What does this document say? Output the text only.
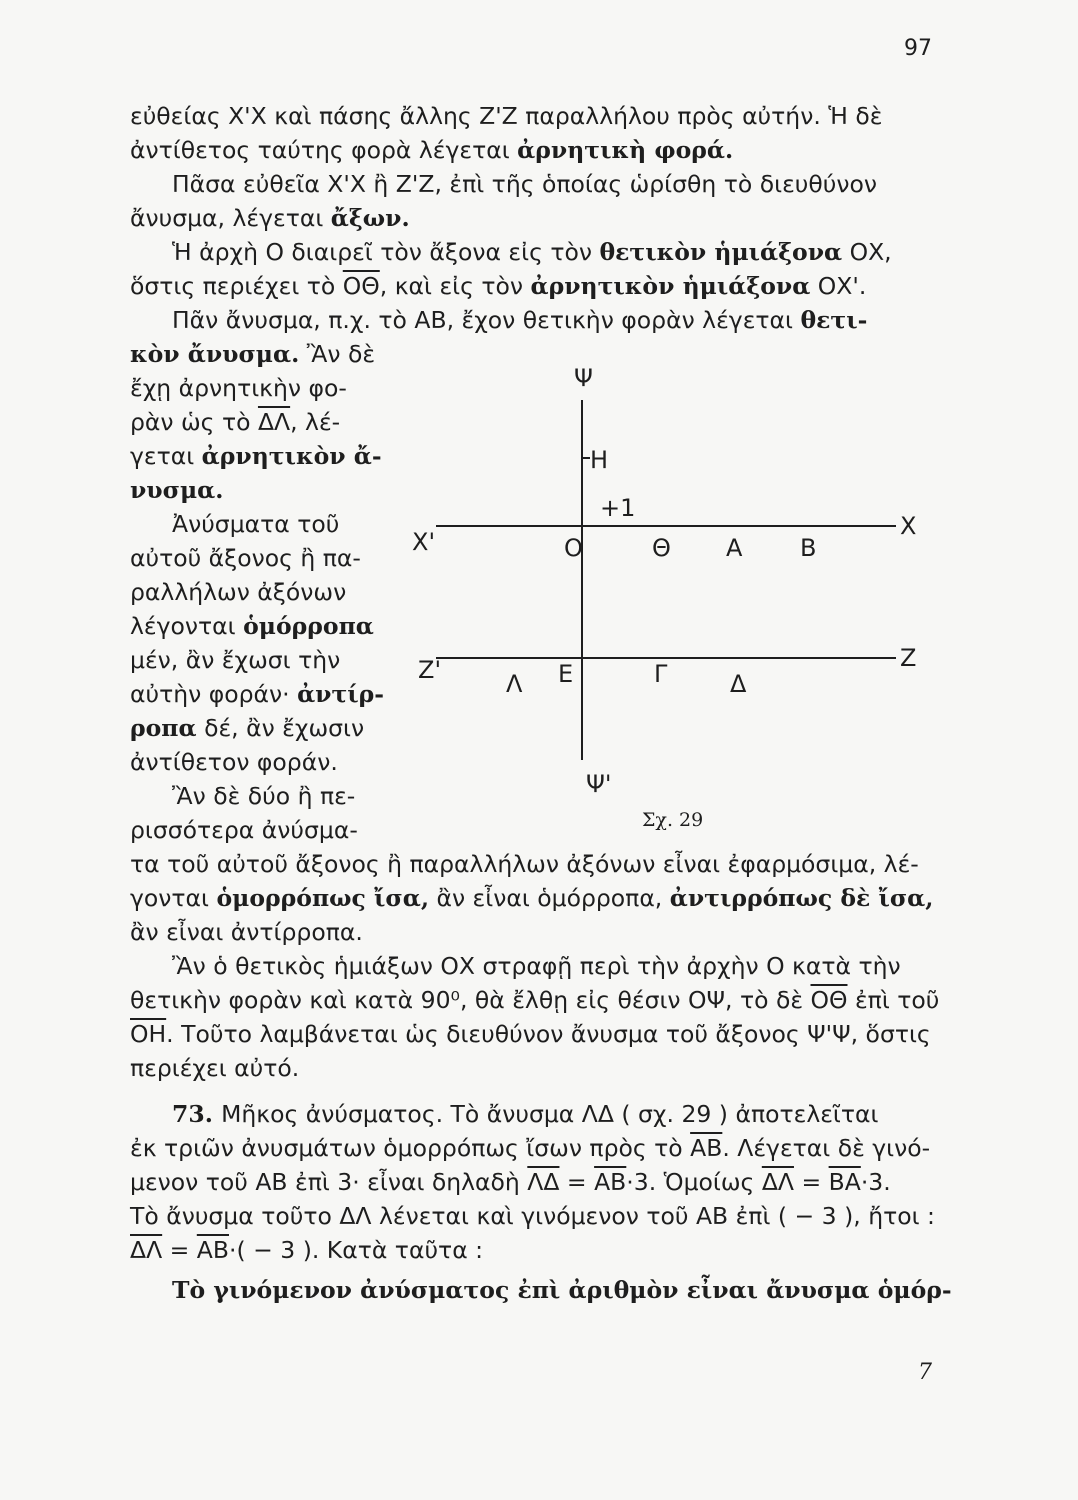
97
εὐθείας Χ'Χ καὶ πάσης ἄλλης Ζ'Ζ παραλλήλου πρὸς αὐτήν. Ἡ δὲ
ἀντίθετος ταύτης φορὰ λέγεται ἀρνητικὴ φορά.
Πᾶσα εὐθεῖα Χ'Χ ἢ Ζ'Ζ, ἐπὶ τῆς ὁποίας ὡρίσθη τὸ διευθύνον
ἄνυσμα, λέγεται ἄξων.
Ἡ ἀρχὴ Ο διαιρεῖ τὸν ἄξονα εἰς τὸν θετικὸν ἡμιάξονα ΟΧ,
ὅστις περιέχει τὸ $\overline{O\Theta}$, καὶ εἰς τὸν ἀρνητικὸν ἡμιάξονα ΟΧ'.
Πᾶν ἄνυσμα, π.χ. τὸ ΑΒ, ἔχον θετικὴν φορὰν λέγεται θετι-
κὸν ἄνυσμα. Ἂν δὲ
ἔχῃ ἀρνητικὴν φο-
ρὰν ὡς τὸ $\overline{\Delta\Lambda}$, λέ-
γεται ἀρνητικὸν ἄ-
νυσμα.
Ἀνύσματα τοῦ
αὐτοῦ ἄξονος ἢ πα-
ραλλήλων ἀξόνων
λέγονται ὁμόρροπα
μέν, ἂν ἔχωσι τὴν
αὐτὴν φοράν· ἀντίρ-
ροπα δέ, ἂν ἔχωσιν
ἀντίθετον φοράν.
Ἂν δὲ δύο ἢ πε-
ρισσότερα ἀνύσμα-
τα τοῦ αὐτοῦ ἄξονος ἢ παραλλήλων ἀξόνων εἶναι ἐφαρμόσιμα, λέ-
γονται ὁμορρόπως ἴσα, ἂν εἶναι ὁμόρροπα, ἀντιρρόπως δὲ ἴσα,
ἂν εἶναι ἀντίρροπα.
Ἂν ὁ θετικὸς ἡμιάξων ΟΧ στραφῇ περὶ τὴν ἀρχὴν Ο κατὰ τὴν
θετικὴν φορὰν καὶ κατὰ 90⁰, θὰ ἔλθῃ εἰς θέσιν ΟΨ, τὸ δὲ $\overline{O\Theta}$ ἐπὶ τοῦ
$\overline{OH}$. Τοῦτο λαμβάνεται ὡς διευθύνον ἄνυσμα τοῦ ἄξονος Ψ'Ψ, ὅστις
περιέχει αὐτό.
73. Μῆκος ἀνύσματος. Τὸ ἄνυσμα ΛΔ ( σχ. 29 ) ἀποτελεῖται
ἐκ τριῶν ἀνυσμάτων ὁμορρόπως ἴσων πρὸς τὸ $\overline{AB}$. Λέγεται δὲ γινό-
μενον τοῦ ΑΒ ἐπὶ 3· εἶναι δηλαδὴ $\overline{\Lambda\Delta} = \overline{AB}\cdot 3$. Ὁμοίως $\overline{\Delta\Lambda} = \overline{BA}\cdot 3$.
Τὸ ἄνυσμα τοῦτο ΔΛ λένεται καὶ γινόμενον τοῦ ΑΒ ἐπὶ ( − 3 ), ἤτοι :
$\overline{\Delta\Lambda} = \overline{AB}\cdot( - 3$ ). Κατὰ ταῦτα :
Τὸ γινόμενον ἀνύσματος ἐπὶ ἀριθμὸν εἶναι ἄνυσμα ὁμόρ-
Ψ
Η
+1
Χ'
Χ
Ο	Θ Α Β
Ζ'	Ζ
Λ Ε	Γ	Δ
Ψ'
Σχ. 29
7
